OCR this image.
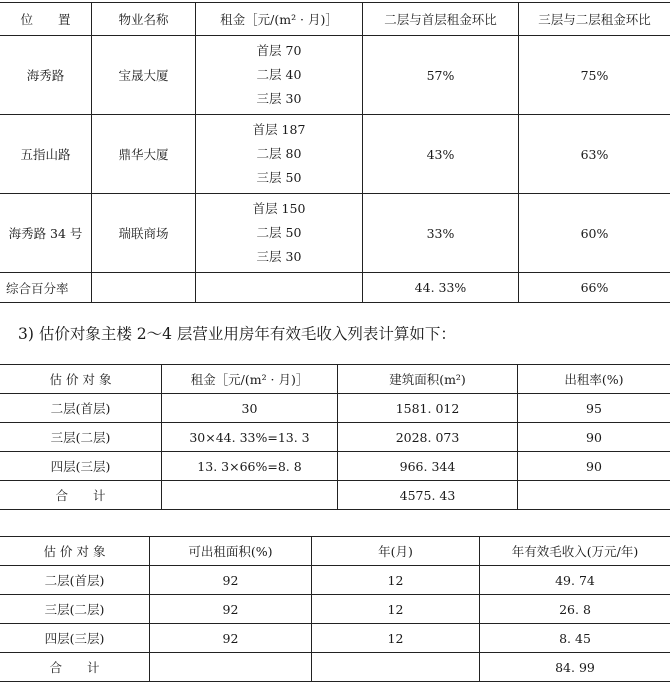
位　　置	物业名称	租金［元/(m² · 月)］	二层与首层租金环比	三层与二层租金环比
海秀路	宝晟大厦	首层 70
二层 40
三层 30	57%	75%
五指山路	鼎华大厦	首层 187
二层 80
三层 50	43%	63%
海秀路 34 号	瑞联商场	首层 150
二层 50
三层 30	33%	60%
综合百分率			44. 33%	66%
3) 估价对象主楼 2～4 层营业用房年有效毛收入列表计算如下：
估 价 对 象	租金［元/(m² · 月)］	建筑面积(m²)	出租率(%)
二层(首层)	30	1581. 012	95
三层(二层)	30×44. 33%=13. 3	2028. 073	90
四层(三层)	13. 3×66%=8. 8	966. 344	90
合　　计		4575. 43	
估 价 对 象	可出租面积(%)	年(月)	年有效毛收入(万元/年)
二层(首层)	92	12	49. 74
三层(二层)	92	12	26. 8
四层(三层)	92	12	8. 45
合　　计			84. 99
